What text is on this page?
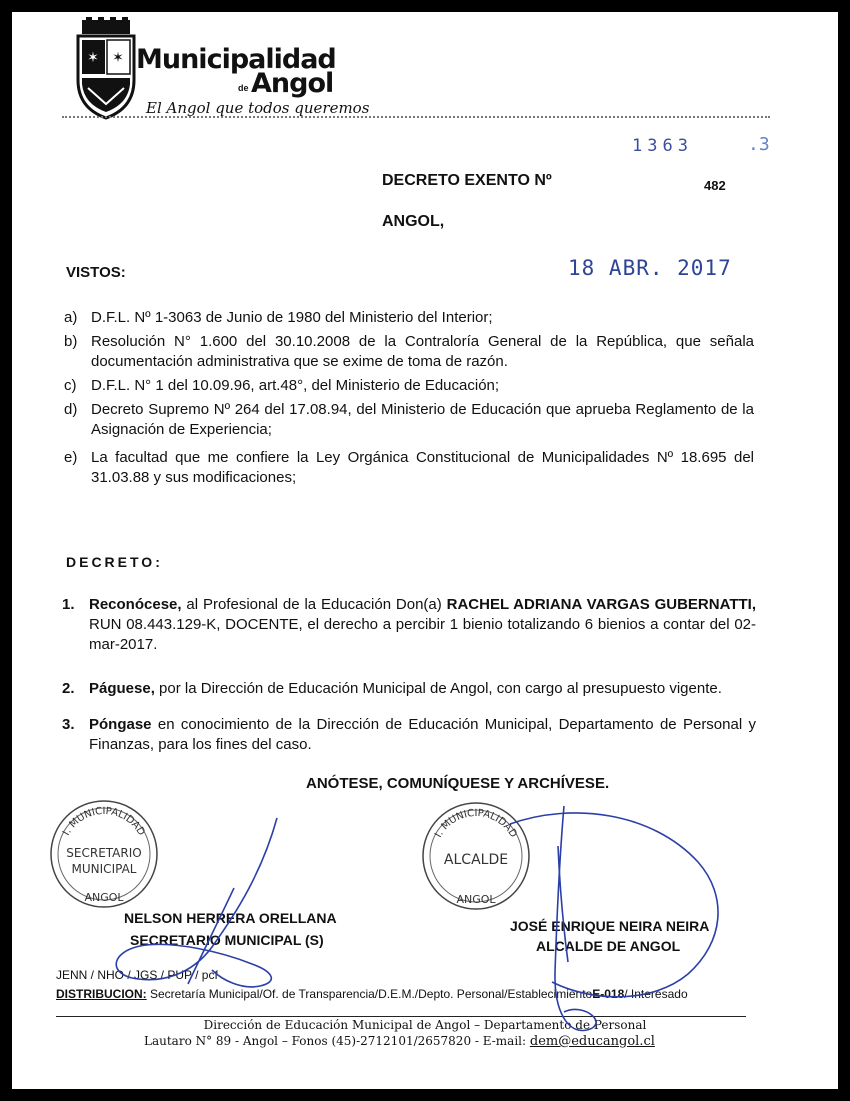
✶ ✶ Municipalidad
de Angol
El Angol que todos queremos
1363	.3
DECRETO EXENTO Nº	482
ANGOL,
VISTOS:	18 ABR. 2017
a) D.F.L. Nº 1-3063 de Junio de 1980 del Ministerio del Interior;
b) Resolución N° 1.600 del 30.10.2008 de la Contraloría General de la República, que señala documentación administrativa que se exime de toma de razón.
c) D.F.L. N° 1 del 10.09.96, art.48°, del Ministerio de Educación;
d) Decreto Supremo Nº 264 del 17.08.94, del Ministerio de Educación que aprueba Reglamento de la Asignación de Experiencia;
e) La facultad que me confiere la Ley Orgánica Constitucional de Municipalidades Nº 18.695 del 31.03.88 y sus modificaciones;
DECRETO:
1. Reconócese, al Profesional de la Educación Don(a) RACHEL ADRIANA VARGAS GUBERNATTI, RUN 08.443.129-K, DOCENTE, el derecho a percibir 1 bienio totalizando 6 bienios a contar del 02-mar-2017.
2. Páguese, por la Dirección de Educación Municipal de Angol, con cargo al presupuesto vigente.
3. Póngase en conocimiento de la Dirección de Educación Municipal, Departamento de Personal y Finanzas, para los fines del caso.
ANÓTESE, COMUNÍQUESE Y ARCHÍVESE.
I. MUNICIPALIDAD
SECRETARIO
MUNICIPAL
ANGOL
I. MUNICIPALIDAD
ALCALDE
ANGOL
NELSON HERRERA ORELLANA
SECRETARIO MUNICIPAL (S)
JOSÉ ENRIQUE NEIRA NEIRA
ALCALDE DE ANGOL
JENN / NHO / JGS / PUP / pcf
DISTRIBUCION: Secretaría Municipal/Of. de Transparencia/D.E.M./Depto. Personal/EstablecimientoE-018/ Interesado
Dirección de Educación Municipal de Angol – Departamento de Personal
Lautaro N° 89 - Angol – Fonos (45)-2712101/2657820 - E-mail: dem@educangol.cl
